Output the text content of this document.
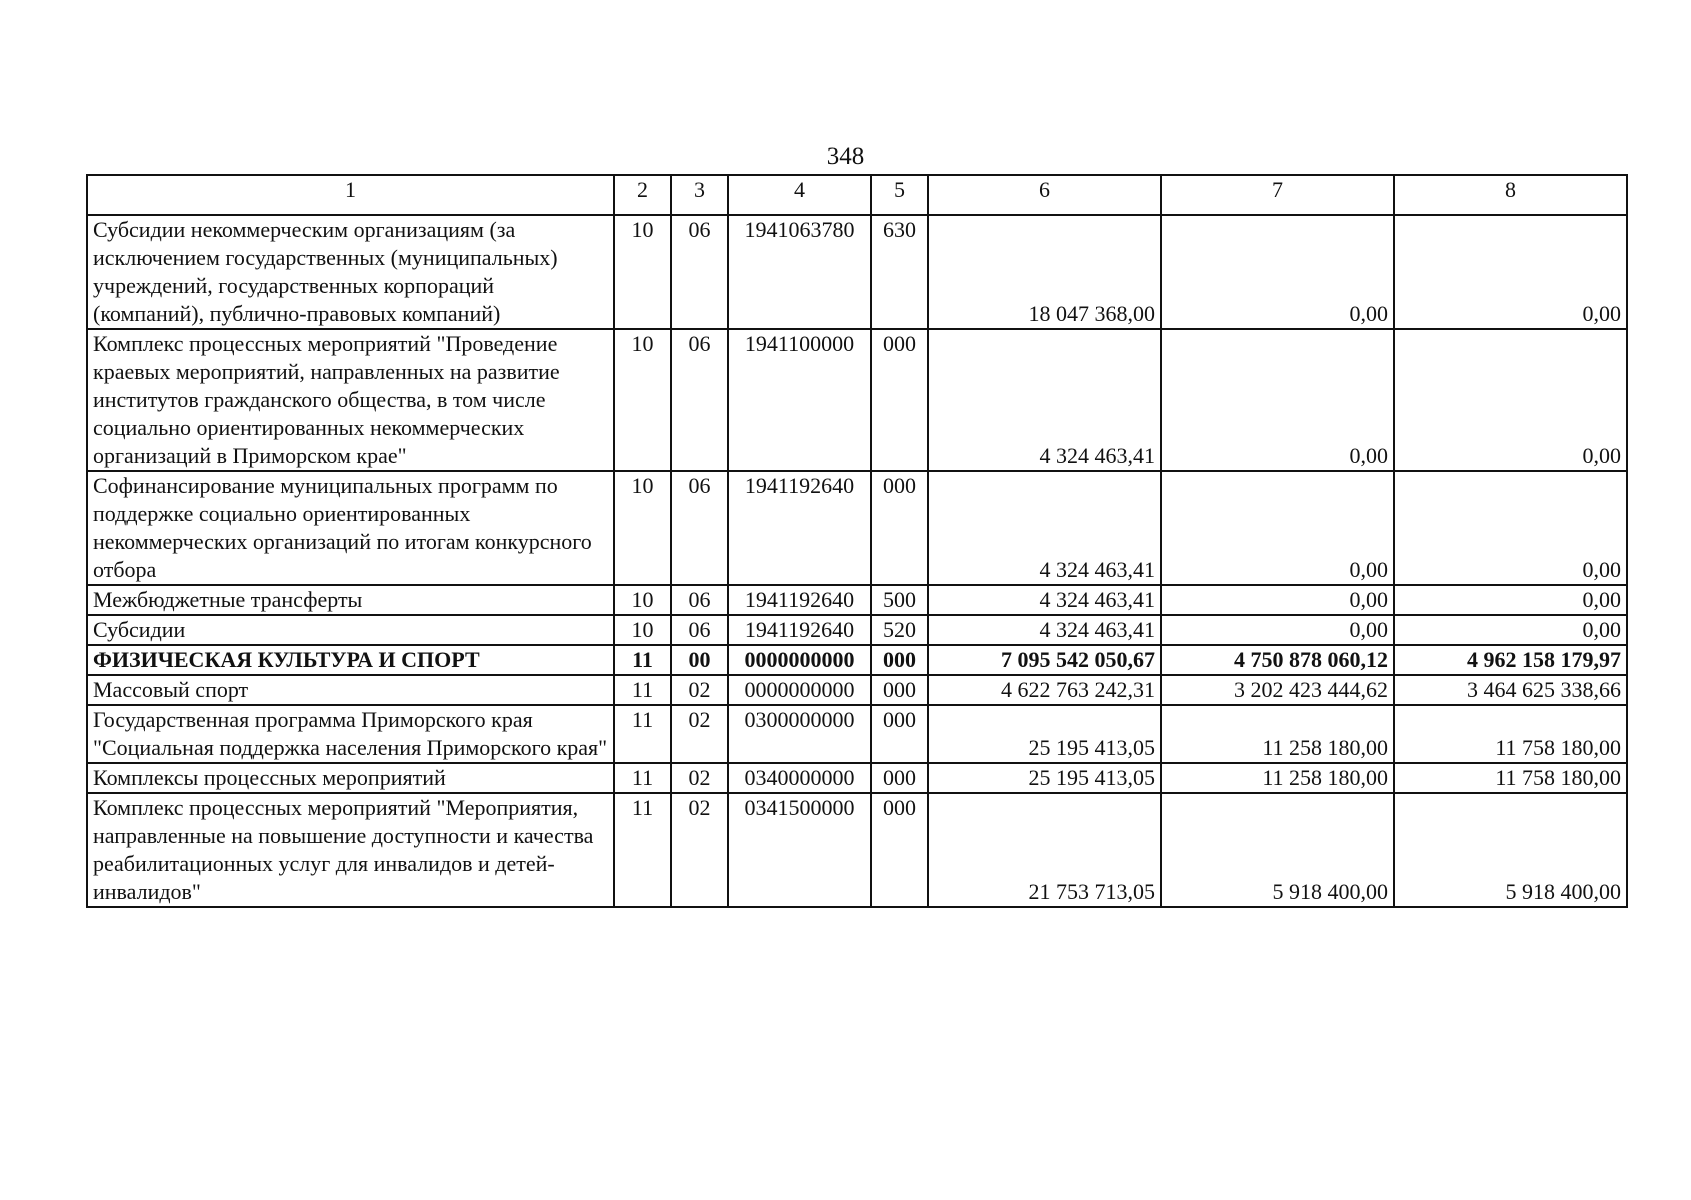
348
1	2	3	4	5	6	7	8
Субсидии некоммерческим организациям (за исключением государственных (муниципальных) учреждений, государственных корпораций (компаний), публично-правовых компаний)	10	06	1941063780	630	18 047 368,00	0,00	0,00
Комплекс процессных мероприятий "Проведение краевых мероприятий, направленных на развитие институтов гражданского общества, в том числе социально ориентированных некоммерческих организаций в Приморском крае"	10	06	1941100000	000	4 324 463,41	0,00	0,00
Софинансирование муниципальных программ по поддержке социально ориентированных некоммерческих организаций по итогам конкурсного отбора	10	06	1941192640	000	4 324 463,41	0,00	0,00
Межбюджетные трансферты	10	06	1941192640	500	4 324 463,41	0,00	0,00
Субсидии	10	06	1941192640	520	4 324 463,41	0,00	0,00
ФИЗИЧЕСКАЯ КУЛЬТУРА И СПОРТ	11	00	0000000000	000	7 095 542 050,67	4 750 878 060,12	4 962 158 179,97
Массовый спорт	11	02	0000000000	000	4 622 763 242,31	3 202 423 444,62	3 464 625 338,66
Государственная программа Приморского края "Социальная поддержка населения Приморского края"	11	02	0300000000	000	25 195 413,05	11 258 180,00	11 758 180,00
Комплексы процессных мероприятий	11	02	0340000000	000	25 195 413,05	11 258 180,00	11 758 180,00
Комплекс процессных мероприятий "Мероприятия, направленные на повышение доступности и качества реабилитационных услуг для инвалидов и детей-инвалидов"	11	02	0341500000	000	21 753 713,05	5 918 400,00	5 918 400,00
